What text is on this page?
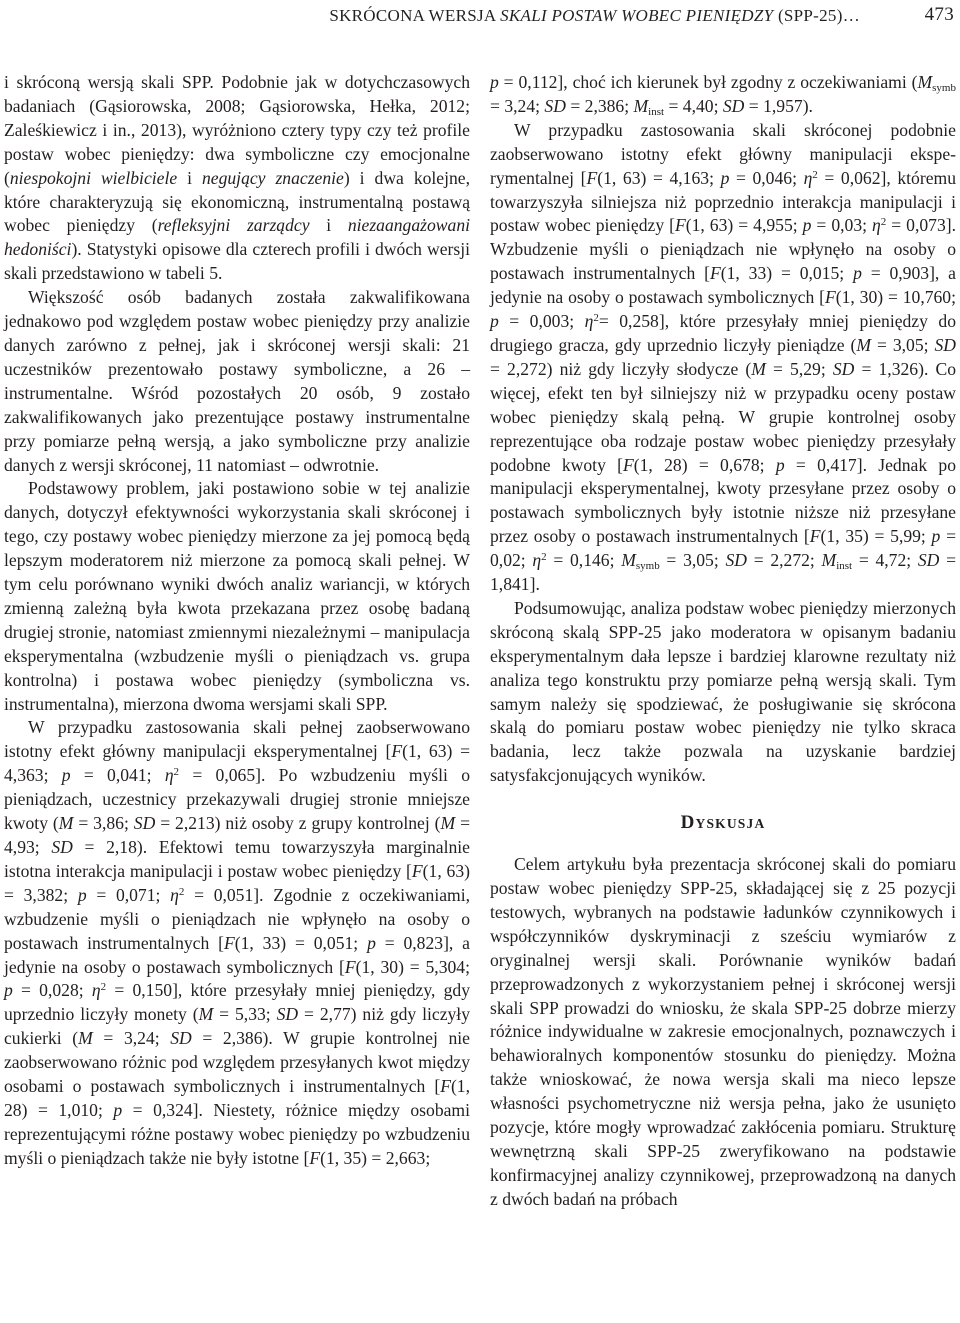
SKRÓCONA WERSJA SKALI POSTAW WOBEC PIENIĘDZY (SPP-25)…	473

i skróconą wersją skali SPP. Podobnie jak w dotychczasowych badaniach (Gąsiorowska, 2008; Gąsiorowska, Hełka, 2012; Zaleśkiewicz i in., 2013), wyróżniono cztery typy czy też profile postaw wobec pieniędzy: dwa symboliczne czy emocjonalne (niespokojni wielbiciele i negujący znaczenie) i dwa kolejne, które charakteryzują się ekonomiczną, instrumentalną postawą wobec pieniędzy (refleksyjni zarządcy i niezaangażowani hedoniści). Statystyki opisowe dla czterech profili i dwóch wersji skali przedstawiono w tabeli 5.

Większość osób badanych została zakwalifikowana jednakowo pod względem postaw wobec pieniędzy przy analizie danych zarówno z pełnej, jak i skróconej wersji skali: 21 uczestników prezentowało postawy symboliczne, a 26 – instrumentalne. Wśród pozostałych 20 osób, 9 zostało zakwalifikowanych jako prezentujące postawy instrumentalne przy pomiarze pełną wersją, a jako symboliczne przy analizie danych z wersji skróconej, 11 natomiast – odwrotnie.

Podstawowy problem, jaki postawiono sobie w tej analizie danych, dotyczył efektywności wykorzystania skali skróconej i tego, czy postawy wobec pieniędzy mierzone za jej pomocą będą lepszym moderatorem niż mierzone za pomocą skali pełnej. W tym celu porównano wyniki dwóch analiz wariancji, w których zmienną zależną była kwota przekazana przez osobę badaną drugiej stronie, natomiast zmiennymi niezależnymi – manipulacja eksperymentalna (wzbudzenie myśli o pieniądzach vs. grupa kontrolna) i postawa wobec pieniędzy (symboliczna vs. instrumentalna), mierzona dwoma wersjami skali SPP.

W przypadku zastosowania skali pełnej zaobserwowano istotny efekt główny manipulacji eksperymentalnej [F(1, 63) = 4,363; p = 0,041; $\eta^2 = 0,065$]. Po wzbudzeniu myśli o pieniądzach, uczestnicy przekazywali drugiej stronie mniejsze kwoty (M = 3,86; SD = 2,213) niż osoby z grupy kontrolnej (M = 4,93; SD = 2,18). Efektowi temu towarzyszyła marginalnie istotna interakcja manipulacji i postaw wobec pieniędzy [F(1, 63) = 3,382; p = 0,071; $\eta^2 = 0,051$]. Zgodnie z oczekiwaniami, wzbudzenie myśli o pieniądzach nie wpłynęło na osoby o postawach instrumentalnych [F(1, 33) = 0,051; p = 0,823], a jedynie na osoby o postawach symbolicznych [F(1, 30) = 5,304; p = 0,028; $\eta^2 = 0,150$], które przesyłały mniej pieniędzy, gdy uprzednio liczyły monety (M = 5,33; SD = 2,77) niż gdy liczyły cukierki (M = 3,24; SD = 2,386). W grupie kontrolnej nie zaobserwowano różnic pod względem przesyłanych kwot między osobami o postawach symbolicznych i instrumentalnych [F(1, 28) = 1,010; p = 0,324]. Niestety, różnice między osobami reprezentującymi różne postawy wobec pieniędzy po wzbudzeniu myśli o pieniądzach także nie były istotne [F(1, 35) = 2,663;

p = 0,112], choć ich kierunek był zgodny z oczekiwaniami ($M_{symb} = 3,24$; SD = 2,386; $M_{inst} = 4,40$; SD = 1,957).

W przypadku zastosowania skali skróconej podobnie zaobserwowano istotny efekt główny manipulacji eksperymentalnej [F(1, 63) = 4,163; p = 0,046; $\eta^2 = 0,062$], któremu towarzyszyła silniejsza niż poprzednio interakcja manipulacji i postaw wobec pieniędzy [F(1, 63) = 4,955; p = 0,03; $\eta^2 = 0,073$]. Wzbudzenie myśli o pieniądzach nie wpłynęło na osoby o postawach instrumentalnych [F(1, 33) = 0,015; p = 0,903], a jedynie na osoby o postawach symbolicznych [F(1, 30) = 10,760; p = 0,003; $\eta^2= 0,258$], które przesyłały mniej pieniędzy do drugiego gracza, gdy uprzednio liczyły pieniądze (M = 3,05; SD = 2,272) niż gdy liczyły słodycze (M = 5,29; SD = 1,326). Co więcej, efekt ten był silniejszy niż w przypadku oceny postaw wobec pieniędzy skalą pełną. W grupie kontrolnej osoby reprezentujące oba rodzaje postaw wobec pieniędzy przesyłały podobne kwoty [F(1, 28) = 0,678; p = 0,417]. Jednak po manipulacji eksperymentalnej, kwoty przesyłane przez osoby o postawach symbolicznych były istotnie niższe niż przesyłane przez osoby o postawach instrumentalnych [F(1, 35) = 5,99; p = 0,02; $\eta^2 = 0,146$; $M_{symb} = 3,05$; SD = 2,272; $M_{inst} = 4,72$; SD = 1,841].

Podsumowując, analiza podstaw wobec pieniędzy mierzonych skróconą skalą SPP-25 jako moderatora w opisanym badaniu eksperymentalnym dała lepsze i bardziej klarowne rezultaty niż analiza tego konstruktu przy pomiarze pełną wersją skali. Tym samym należy się spodziewać, że posługiwanie się skrócona skalą do pomiaru postaw wobec pieniędzy nie tylko skraca badania, lecz także pozwala na uzyskanie bardziej satysfakcjonujących wyników.

DYSKUSJA

Celem artykułu była prezentacja skróconej skali do pomiaru postaw wobec pieniędzy SPP-25, składającej się z 25 pozycji testowych, wybranych na podstawie ładunków czynnikowych i współczynników dyskryminacji z sześciu wymiarów z oryginalnej wersji skali. Porównanie wyników badań przeprowadzonych z wykorzystaniem pełnej i skróconej wersji skali SPP prowadzi do wniosku, że skala SPP-25 dobrze mierzy różnice indywidualne w zakresie emocjonalnych, poznawczych i behawioralnych komponentów stosunku do pieniędzy. Można także wnioskować, że nowa wersja skali ma nieco lepsze własności psychometryczne niż wersja pełna, jako że usunięto pozycje, które mogły wprowadzać zakłócenia pomiaru. Strukturę wewnętrzną skali SPP-25 zweryfikowano na podstawie konfirmacyjnej analizy czynnikowej, przeprowadzoną na danych z dwóch badań na próbach
